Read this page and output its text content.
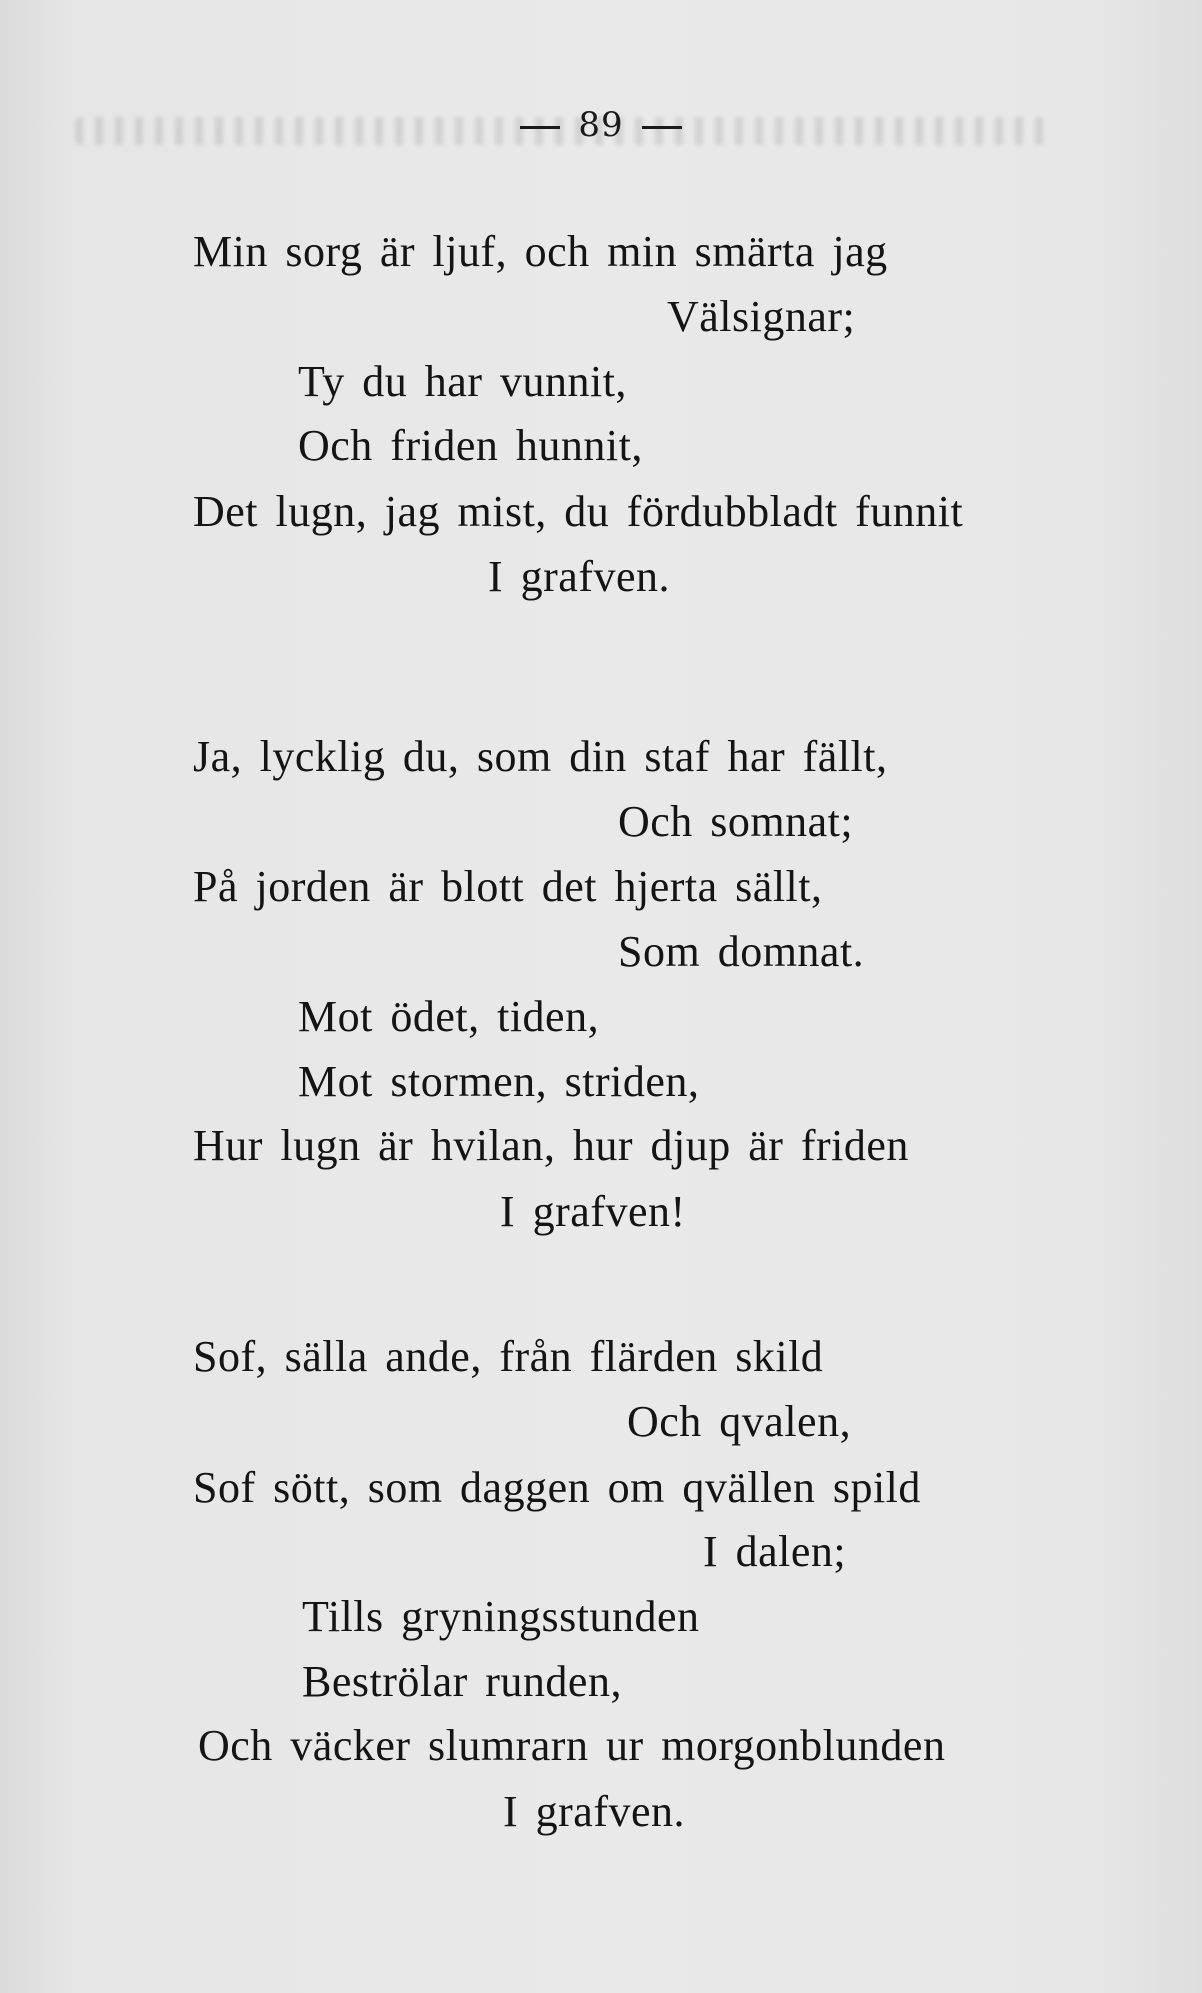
89
Min sorg är ljuf, och min smärta jag
Välsignar;
Ty du har vunnit,
Och friden hunnit,
Det lugn, jag mist, du fördubbladt funnit
I grafven.
Ja, lycklig du, som din staf har fällt,
Och somnat;
På jorden är blott det hjerta sällt,
Som domnat.
Mot ödet, tiden,
Mot stormen, striden,
Hur lugn är hvilan, hur djup är friden
I grafven!
Sof, sälla ande, från flärden skild
Och qvalen,
Sof sött, som daggen om qvällen spild
I dalen;
Tills gryningsstunden
Beströlar runden,
Och väcker slumrarn ur morgonblunden
I grafven.
